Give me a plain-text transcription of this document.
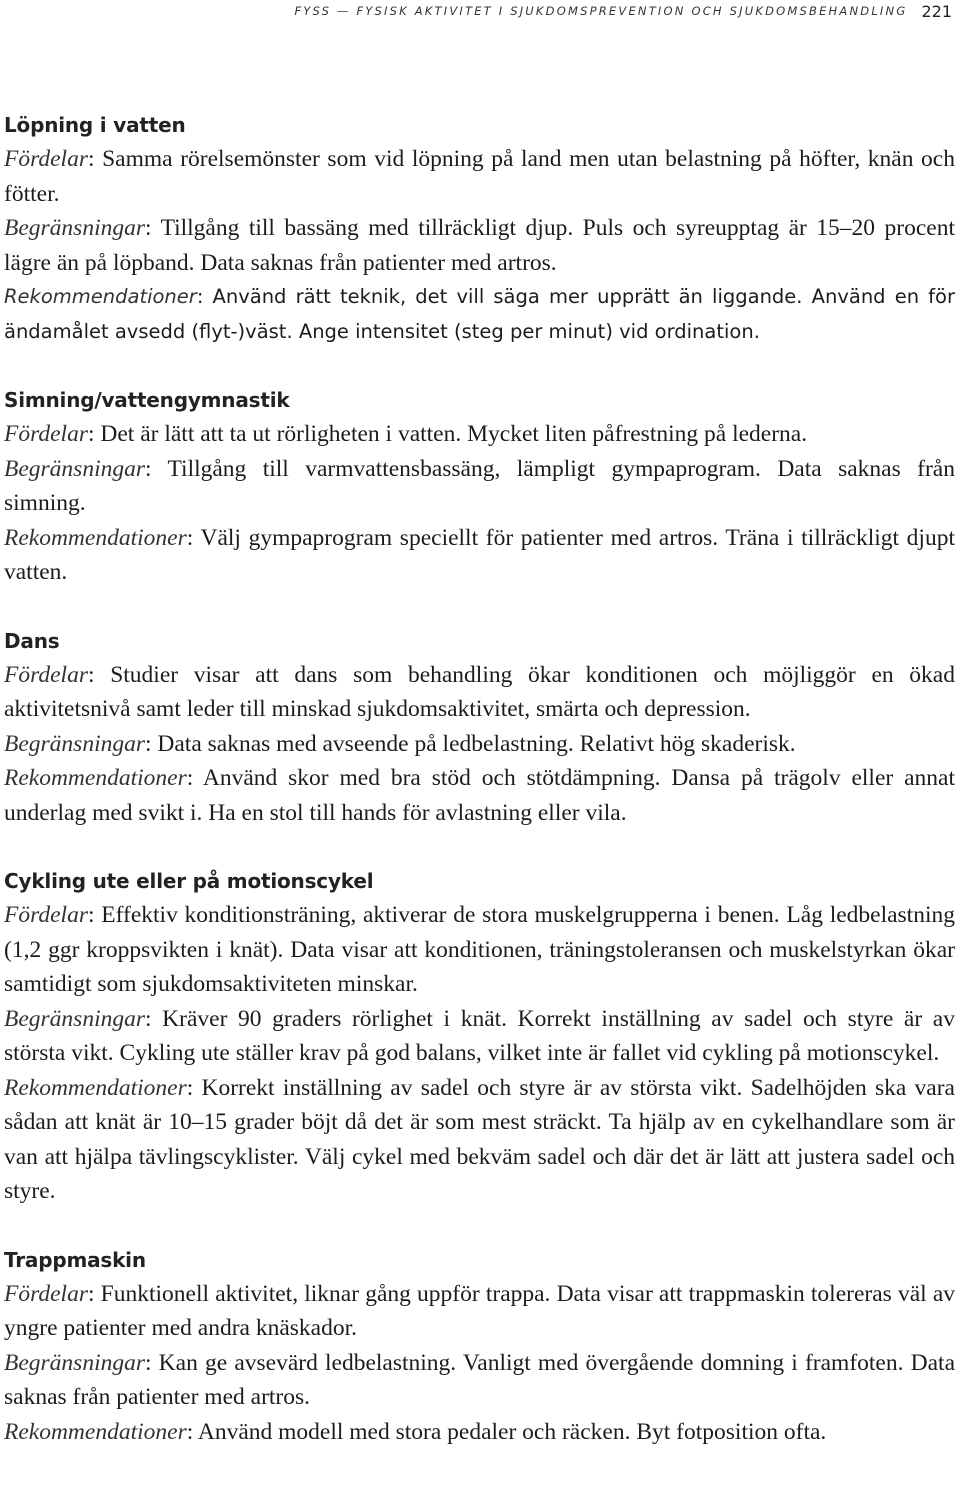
FYSS — FYSISK AKTIVITET I SJUKDOMSPREVENTION OCH SJUKDOMSBEHANDLING 221
Löpning i vatten

Fördelar: Samma rörelsemönster som vid löpning på land men utan belastning på höfter, knän och fötter.

Begränsningar: Tillgång till bassäng med tillräckligt djup. Puls och syreupptag är 15–20 procent lägre än på löpband. Data saknas från patienter med artros.

Rekommendationer: Använd rätt teknik, det vill säga mer upprätt än liggande. Använd en för ändamålet avsedd (flyt-)väst. Ange intensitet (steg per minut) vid ordination.

Simning/vattengymnastik

Fördelar: Det är lätt att ta ut rörligheten i vatten. Mycket liten påfrestning på lederna.

Begränsningar: Tillgång till varmvattensbassäng, lämpligt gympaprogram. Data saknas från simning.

Rekommendationer: Välj gympaprogram speciellt för patienter med artros. Träna i tillräckligt djupt vatten.

Dans

Fördelar: Studier visar att dans som behandling ökar konditionen och möjliggör en ökad aktivitetsnivå samt leder till minskad sjukdomsaktivitet, smärta och depression.

Begränsningar: Data saknas med avseende på ledbelastning. Relativt hög skaderisk.

Rekommendationer: Använd skor med bra stöd och stötdämpning. Dansa på trägolv eller annat underlag med svikt i. Ha en stol till hands för avlastning eller vila.

Cykling ute eller på motionscykel

Fördelar: Effektiv konditionsträning, aktiverar de stora muskelgrupperna i benen. Låg ledbelastning (1,2 ggr kroppsvikten i knät). Data visar att konditionen, träningstoleransen och muskelstyrkan ökar samtidigt som sjukdomsaktiviteten minskar.

Begränsningar: Kräver 90 graders rörlighet i knät. Korrekt inställning av sadel och styre är av största vikt. Cykling ute ställer krav på god balans, vilket inte är fallet vid cykling på motionscykel.

Rekommendationer: Korrekt inställning av sadel och styre är av största vikt. Sadelhöjden ska vara sådan att knät är 10–15 grader böjt då det är som mest sträckt. Ta hjälp av en cykelhandlare som är van att hjälpa tävlingscyklister. Välj cykel med bekväm sadel och där det är lätt att justera sadel och styre.

Trappmaskin

Fördelar: Funktionell aktivitet, liknar gång uppför trappa. Data visar att trappmaskin tolereras väl av yngre patienter med andra knäskador.

Begränsningar: Kan ge avsevärd ledbelastning. Vanligt med övergående domning i framfoten. Data saknas från patienter med artros.

Rekommendationer: Använd modell med stora pedaler och räcken. Byt fotposition ofta.
